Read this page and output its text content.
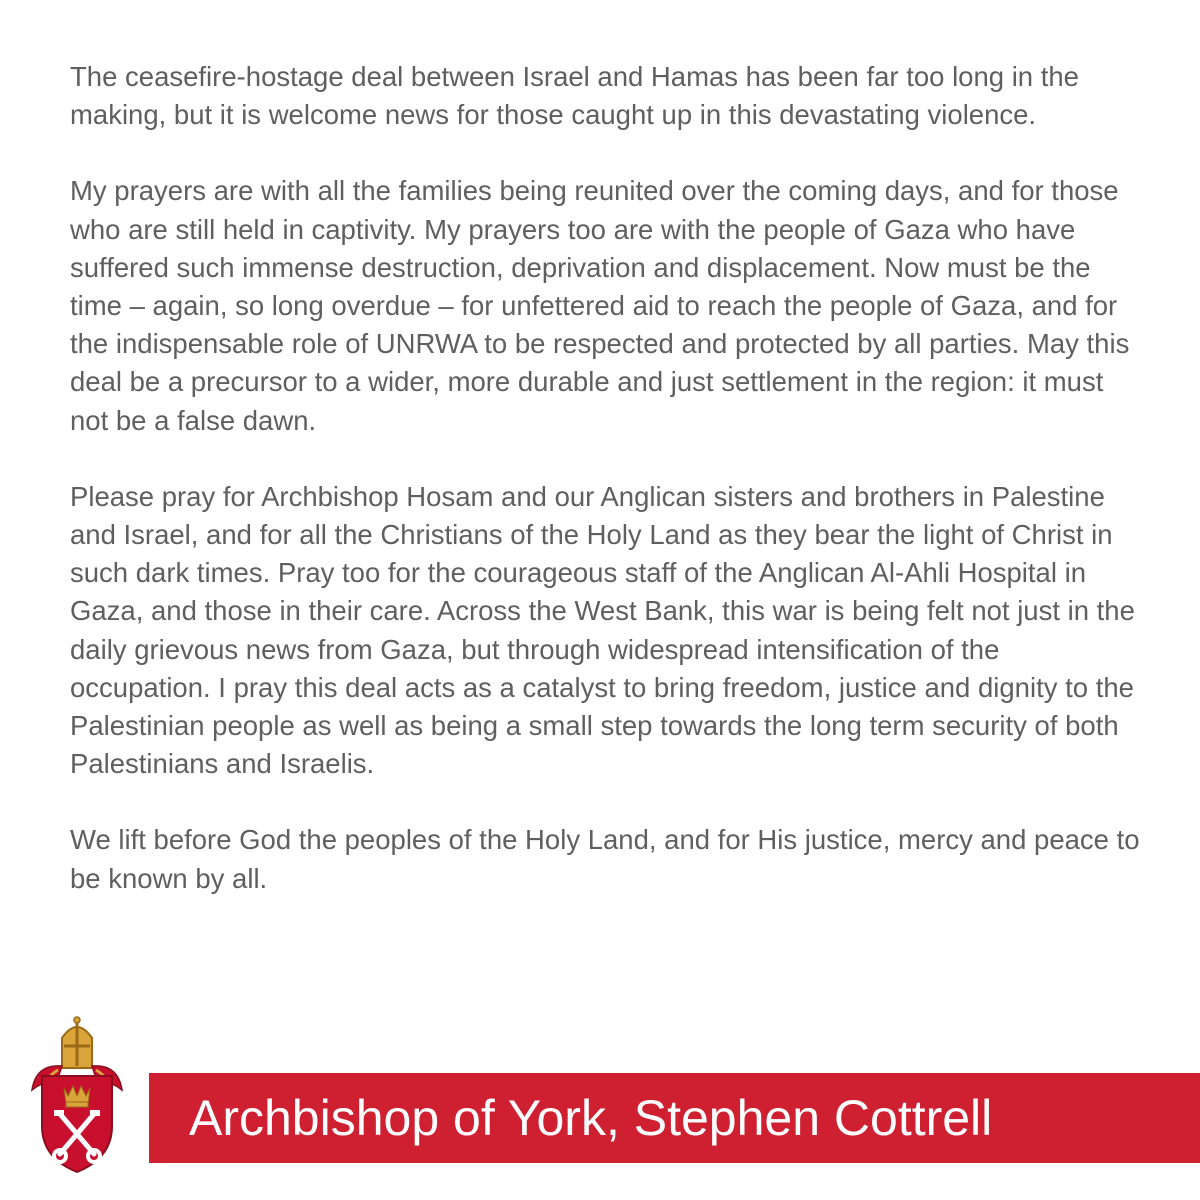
The ceasefire-hostage deal between Israel and Hamas has been far too long in the making, but it is welcome news for those caught up in this devastating violence.

My prayers are with all the families being reunited over the coming days, and for those who are still held in captivity. My prayers too are with the people of Gaza who have suffered such immense destruction, deprivation and displacement. Now must be the time – again, so long overdue – for unfettered aid to reach the people of Gaza, and for the indispensable role of UNRWA to be respected and protected by all parties. May this deal be a precursor to a wider, more durable and just settlement in the region: it must not be a false dawn.

Please pray for Archbishop Hosam and our Anglican sisters and brothers in Palestine and Israel, and for all the Christians of the Holy Land as they bear the light of Christ in such dark times. Pray too for the courageous staff of the Anglican Al-Ahli Hospital in Gaza, and those in their care. Across the West Bank, this war is being felt not just in the daily grievous news from Gaza, but through widespread intensification of the occupation. I pray this deal acts as a catalyst to bring freedom, justice and dignity to the Palestinian people as well as being a small step towards the long term security of both Palestinians and Israelis.

We lift before God the peoples of the Holy Land, and for His justice, mercy and peace to be known by all.

Archbishop of York, Stephen Cottrell
